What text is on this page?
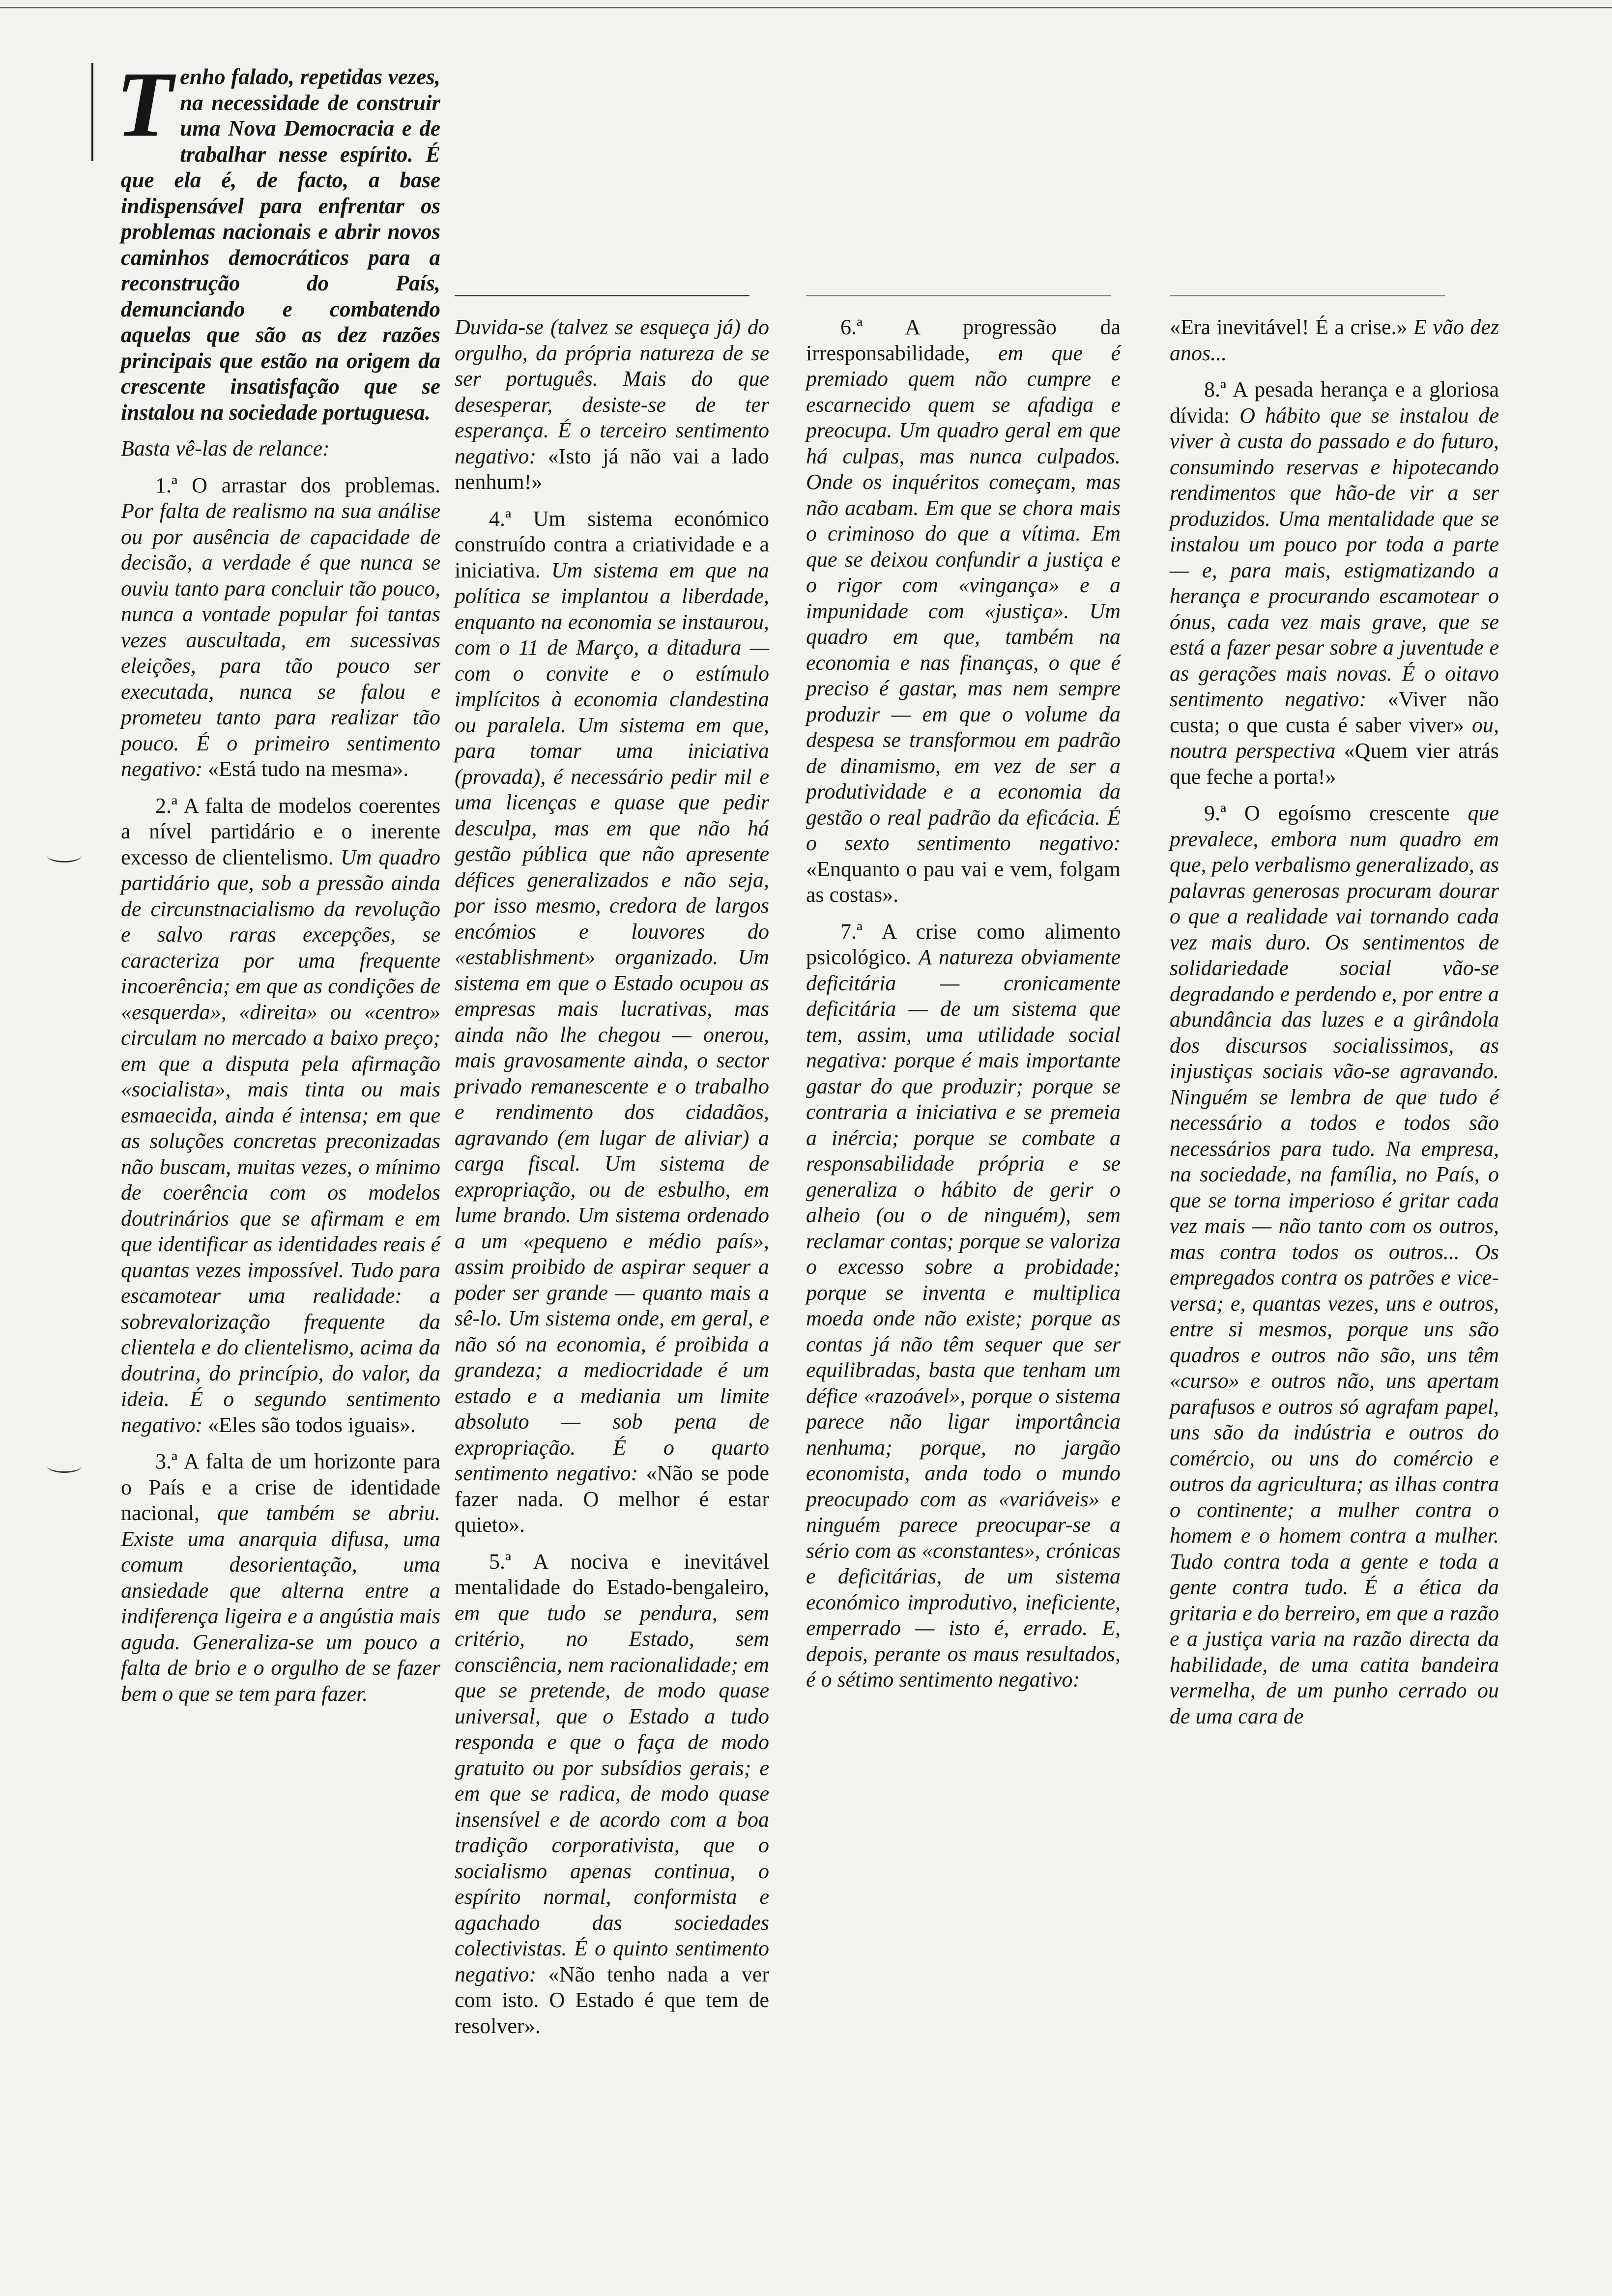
Tenho falado, repetidas vezes, na necessidade de construir uma Nova Democracia e de trabalhar nesse espírito. É que ela é, de facto, a base indispensável para enfrentar os problemas nacionais e abrir novos caminhos democráticos para a reconstrução do País, demunciando e combatendo aquelas que são as dez razões principais que estão na origem da crescente insatisfação que se instalou na sociedade portuguesa.

Basta vê-las de relance:

1.ª O arrastar dos problemas. Por falta de realismo na sua análise ou por ausência de capacidade de decisão, a verdade é que nunca se ouviu tanto para concluir tão pouco, nunca a vontade popular foi tantas vezes auscultada, em sucessivas eleições, para tão pouco ser executada, nunca se falou e prometeu tanto para realizar tão pouco. É o primeiro sentimento negativo: «Está tudo na mesma».

2.ª A falta de modelos coerentes a nível partidário e o inerente excesso de clientelismo. Um quadro partidário que, sob a pressão ainda de circunstnacialismo da revolução e salvo raras excepções, se caracteriza por uma frequente incoerência; em que as condições de «esquerda», «direita» ou «centro» circulam no mercado a baixo preço; em que a disputa pela afirmação «socialista», mais tinta ou mais esmaecida, ainda é intensa; em que as soluções concretas preconizadas não buscam, muitas vezes, o mínimo de coerência com os modelos doutrinários que se afirmam e em que identificar as identidades reais é quantas vezes impossível. Tudo para escamotear uma realidade: a sobrevalorização frequente da clientela e do clientelismo, acima da doutrina, do princípio, do valor, da ideia. É o segundo sentimento negativo: «Eles são todos iguais».

3.ª A falta de um horizonte para o País e a crise de identidade nacional, que também se abriu. Existe uma anarquia difusa, uma comum desorientação, uma ansiedade que alterna entre a indiferença ligeira e a angústia mais aguda. Generaliza-se um pouco a falta de brio e o orgulho de se fazer bem o que se tem para fazer.

Duvida-se (talvez se esqueça já) do orgulho, da própria natureza de se ser português. Mais do que desesperar, desiste-se de ter esperança. É o terceiro sentimento negativo: «Isto já não vai a lado nenhum!»

4.ª Um sistema económico construído contra a criatividade e a iniciativa. Um sistema em que na política se implantou a liberdade, enquanto na economia se instaurou, com o 11 de Março, a ditadura — com o convite e o estímulo implícitos à economia clandestina ou paralela. Um sistema em que, para tomar uma iniciativa (provada), é necessário pedir mil e uma licenças e quase que pedir desculpa, mas em que não há gestão pública que não apresente défices generalizados e não seja, por isso mesmo, credora de largos encómios e louvores do «establishment» organizado. Um sistema em que o Estado ocupou as empresas mais lucrativas, mas ainda não lhe chegou — onerou, mais gravosamente ainda, o sector privado remanescente e o trabalho e rendimento dos cidadãos, agravando (em lugar de aliviar) a carga fiscal. Um sistema de expropriação, ou de esbulho, em lume brando. Um sistema ordenado a um «pequeno e médio país», assim proibido de aspirar sequer a poder ser grande — quanto mais a sê-lo. Um sistema onde, em geral, e não só na economia, é proibida a grandeza; a mediocridade é um estado e a mediania um limite absoluto — sob pena de expropriação. É o quarto sentimento negativo: «Não se pode fazer nada. O melhor é estar quieto».

5.ª A nociva e inevitável mentalidade do Estado-bengaleiro, em que tudo se pendura, sem critério, no Estado, sem consciência, nem racionalidade; em que se pretende, de modo quase universal, que o Estado a tudo responda e que o faça de modo gratuito ou por subsídios gerais; e em que se radica, de modo quase insensível e de acordo com a boa tradição corporativista, que o socialismo apenas continua, o espírito normal, conformista e agachado das sociedades colectivistas. É o quinto sentimento negativo: «Não tenho nada a ver com isto. O Estado é que tem de resolver».

6.ª A progressão da irresponsabilidade, em que é premiado quem não cumpre e escarnecido quem se afadiga e preocupa. Um quadro geral em que há culpas, mas nunca culpados. Onde os inquéritos começam, mas não acabam. Em que se chora mais o criminoso do que a vítima. Em que se deixou confundir a justiça e o rigor com «vingança» e a impunidade com «justiça». Um quadro em que, também na economia e nas finanças, o que é preciso é gastar, mas nem sempre produzir — em que o volume da despesa se transformou em padrão de dinamismo, em vez de ser a produtividade e a economia da gestão o real padrão da eficácia. É o sexto sentimento negativo: «Enquanto o pau vai e vem, folgam as costas».

7.ª A crise como alimento psicológico. A natureza obviamente deficitária — cronicamente deficitária — de um sistema que tem, assim, uma utilidade social negativa: porque é mais importante gastar do que produzir; porque se contraria a iniciativa e se premeia a inércia; porque se combate a responsabilidade própria e se generaliza o hábito de gerir o alheio (ou o de ninguém), sem reclamar contas; porque se valoriza o excesso sobre a probidade; porque se inventa e multiplica moeda onde não existe; porque as contas já não têm sequer que ser equilibradas, basta que tenham um défice «razoável», porque o sistema parece não ligar importância nenhuma; porque, no jargão economista, anda todo o mundo preocupado com as «variáveis» e ninguém parece preocupar-se a sério com as «constantes», crónicas e deficitárias, de um sistema económico improdutivo, ineficiente, emperrado — isto é, errado. E, depois, perante os maus resultados, é o sétimo sentimento negativo:

«Era inevitável! É a crise.» E vão dez anos...

8.ª A pesada herança e a gloriosa dívida: O hábito que se instalou de viver à custa do passado e do futuro, consumindo reservas e hipotecando rendimentos que hão-de vir a ser produzidos. Uma mentalidade que se instalou um pouco por toda a parte — e, para mais, estigmatizando a herança e procurando escamotear o ónus, cada vez mais grave, que se está a fazer pesar sobre a juventude e as gerações mais novas. É o oitavo sentimento negativo: «Viver não custa; o que custa é saber viver» ou, noutra perspectiva «Quem vier atrás que feche a porta!»

9.ª O egoísmo crescente que prevalece, embora num quadro em que, pelo verbalismo generalizado, as palavras generosas procuram dourar o que a realidade vai tornando cada vez mais duro. Os sentimentos de solidariedade social vão-se degradando e perdendo e, por entre a abundância das luzes e a girândola dos discursos socialissimos, as injustiças sociais vão-se agravando. Ninguém se lembra de que tudo é necessário a todos e todos são necessários para tudo. Na empresa, na sociedade, na família, no País, o que se torna imperioso é gritar cada vez mais — não tanto com os outros, mas contra todos os outros... Os empregados contra os patrões e vice-versa; e, quantas vezes, uns e outros, entre si mesmos, porque uns são quadros e outros não são, uns têm «curso» e outros não, uns apertam parafusos e outros só agrafam papel, uns são da indústria e outros do comércio, ou uns do comércio e outros da agricultura; as ilhas contra o continente; a mulher contra o homem e o homem contra a mulher. Tudo contra toda a gente e toda a gente contra tudo. É a ética da gritaria e do berreiro, em que a razão e a justiça varia na razão directa da habilidade, de uma catita bandeira vermelha, de um punho cerrado ou de uma cara de
